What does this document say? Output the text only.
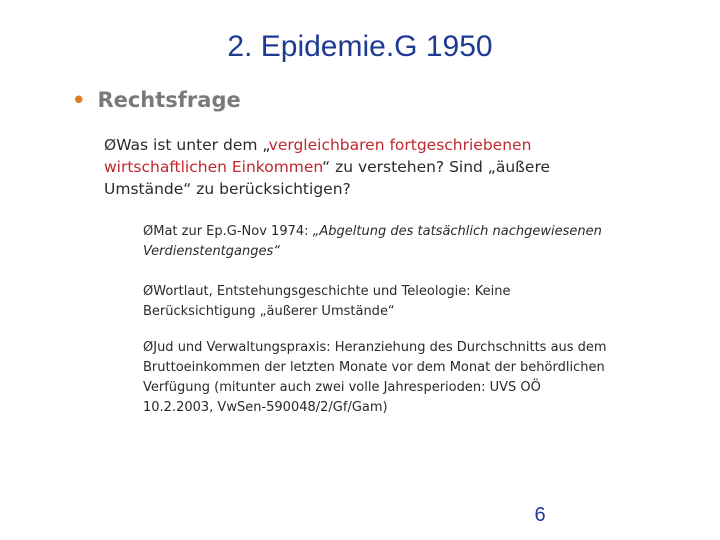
2. Epidemie.G 1950
• Rechtsfrage
ØWas ist unter dem „vergleichbaren fortgeschriebenen wirtschaftlichen Einkommen“ zu verstehen? Sind „äußere Umstände“ zu berücksichtigen?
ØMat zur Ep.G-Nov 1974: „Abgeltung des tatsächlich nachgewiesenen Verdienstentganges“
ØWortlaut, Entstehungsgeschichte und Teleologie: Keine Berücksichtigung „äußerer Umstände“
ØJud und Verwaltungspraxis: Heranziehung des Durchschnitts aus dem Bruttoeinkommen der letzten Monate vor dem Monat der behördlichen Verfügung (mitunter auch zwei volle Jahresperioden: UVS OÖ 10.2.2003, VwSen-590048/2/Gf/Gam)
6
